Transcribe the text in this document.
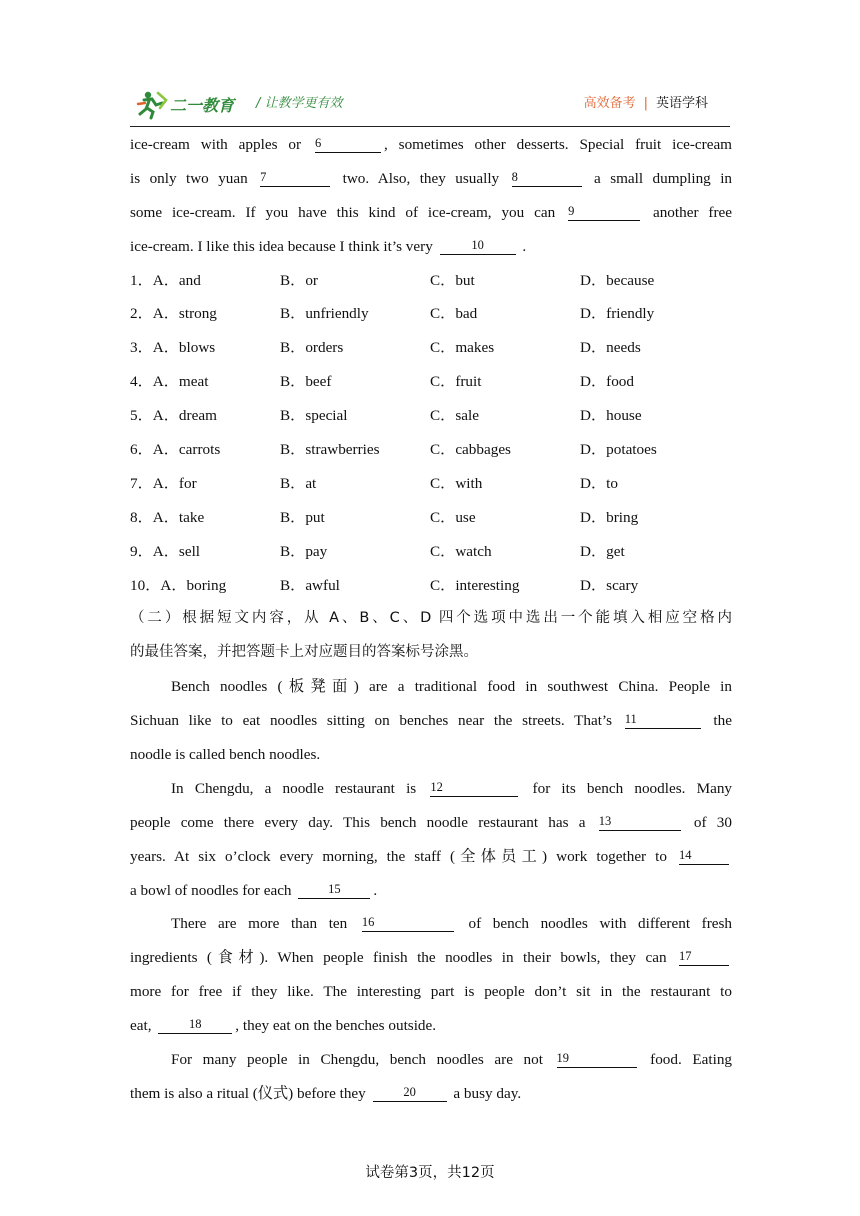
二一教育 / 让教学更有效	高效备考 | 英语学科
ice-cream with apples or 6	, sometimes other desserts. Special fruit ice-cream
is only two yuan 7	two. Also, they usually 8	a small dumpling in
some ice-cream. If you have this kind of ice-cream, you can 9	another free
ice-cream. I like this idea because I think it’s very	10 .
1．A．and	B．or	C．but	D．because
2．A．strong	B．unfriendly	C．bad	D．friendly
3．A．blows	B．orders	C．makes	D．needs
4．A．meat	B．beef	C．fruit	D．food
5．A．dream	B．special	C．sale	D．house
6．A．carrots	B．strawberries	C．cabbages	D．potatoes
7．A．for	B．at	C．with	D．to
8．A．take	B．put	C．use	D．bring
9．A．sell	B．pay	C．watch	D．get
10．A．boring	B．awful	C．interesting	D．scary
（二）根据短文内容，从 A、B、C、D 四个选项中选出一个能填入相应空格内
的最佳答案，并把答题卡上对应题目的答案标号涂黑。
Bench noodles (板凳面) are a traditional food in southwest China. People in
Sichuan like to eat noodles sitting on benches near the streets. That’s 11	the
noodle is called bench noodles.
In Chengdu, a noodle restaurant is 12	for its bench noodles. Many
people come there every day. This bench noodle restaurant has a 13	of 30
years. At six o’clock every morning, the staff (全体员工) work together to 14
a bowl of noodles for each	15 .
There are more than ten 16	of bench noodles with different fresh
ingredients (食材). When people finish the noodles in their bowls, they can 17
more for free if they like. The interesting part is people don’t sit in the restaurant to
eat,	18 , they eat on the benches outside.
For many people in Chengdu, bench noodles are not 19	food. Eating
them is also a ritual (仪式) before they	20 a busy day.
试卷第3页，共12页
